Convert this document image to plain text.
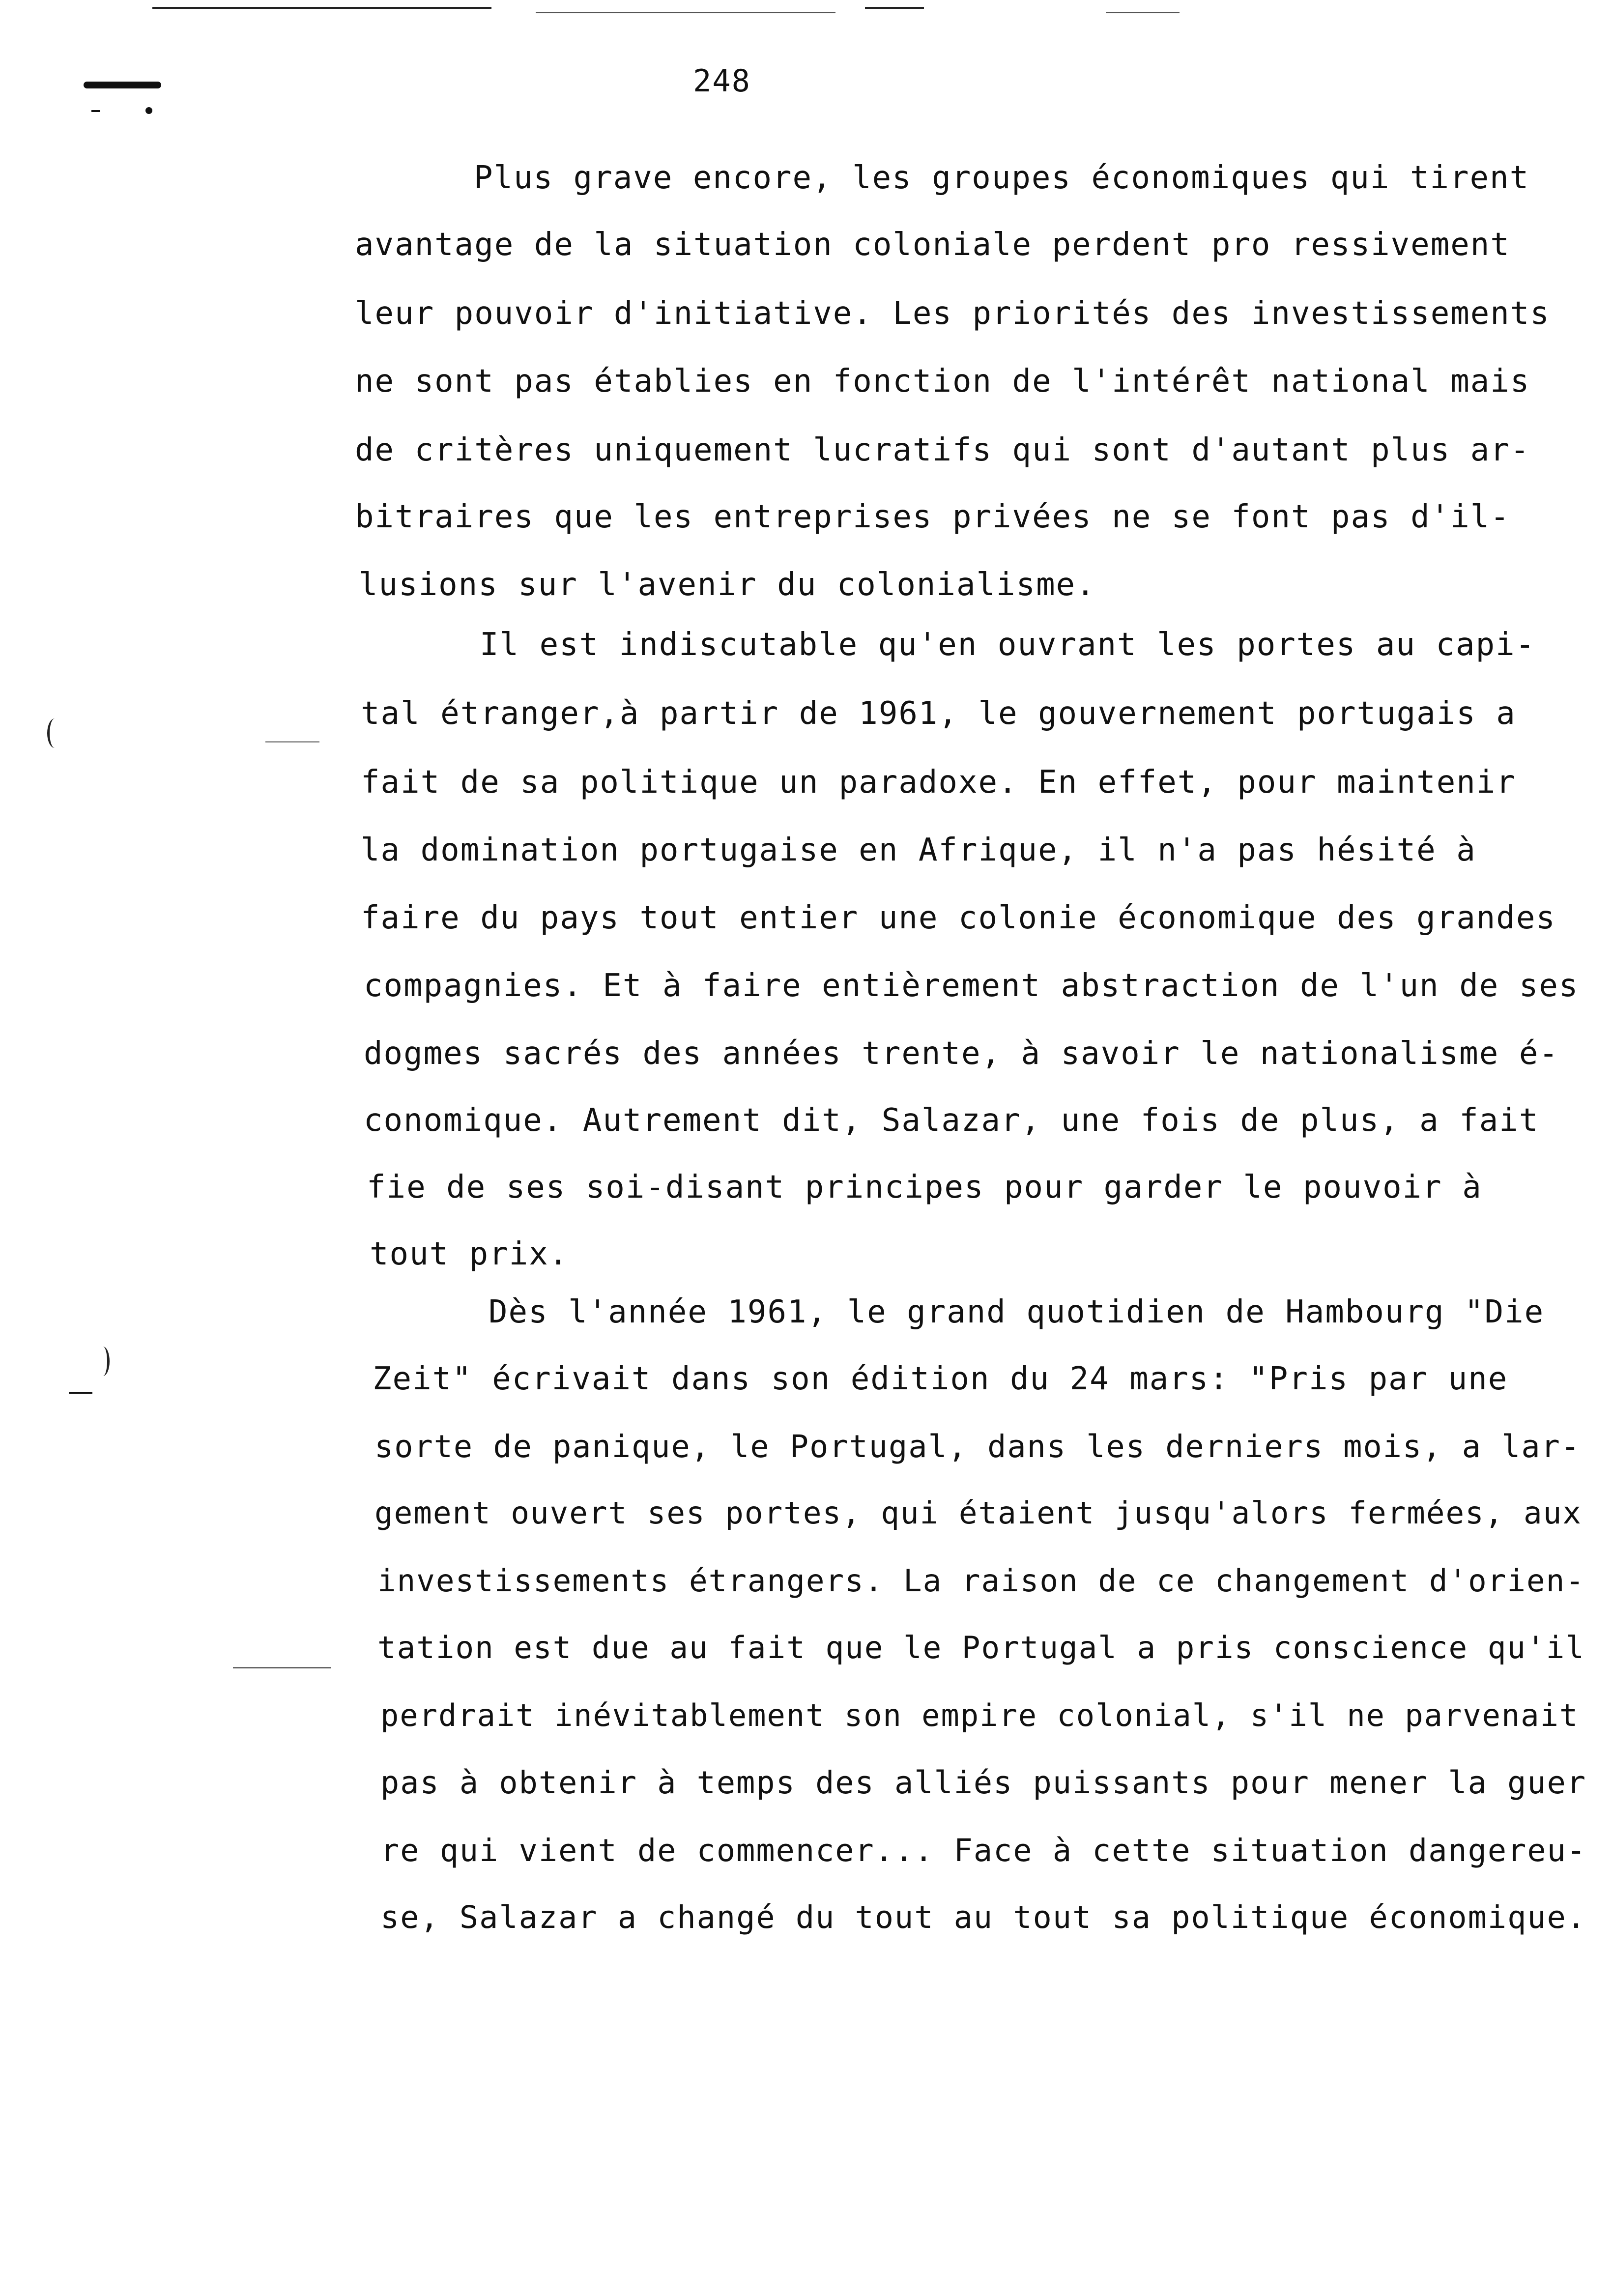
248
Plus grave encore, les groupes économiques qui tirent
avantage de la situation coloniale perdent pro ressivement
leur pouvoir d'initiative. Les priorités des investissements
ne sont pas établies en fonction de l'intérêt national mais
de critères uniquement lucratifs qui sont d'autant plus ar-
bitraires que les entreprises privées ne se font pas d'il-
lusions sur l'avenir du colonialisme.
Il est indiscutable qu'en ouvrant les portes au capi-
tal étranger,à partir de 1961, le gouvernement portugais a
fait de sa politique un paradoxe. En effet, pour maintenir
la domination portugaise en Afrique, il n'a pas hésité à
faire du pays tout entier une colonie économique des grandes
compagnies. Et à faire entièrement abstraction de l'un de ses
dogmes sacrés des années trente, à savoir le nationalisme é-
conomique. Autrement dit, Salazar, une fois de plus, a fait
fie de ses soi-disant principes pour garder le pouvoir à
tout prix.
Dès l'année 1961, le grand quotidien de Hambourg "Die
Zeit" écrivait dans son édition du 24 mars: "Pris par une
sorte de panique, le Portugal, dans les derniers mois, a lar-
gement ouvert ses portes, qui étaient jusqu'alors fermées, aux
investissements étrangers. La raison de ce changement d'orien-
tation est due au fait que le Portugal a pris conscience qu'il
perdrait inévitablement son empire colonial, s'il ne parvenait
pas à obtenir à temps des alliés puissants pour mener la guer
re qui vient de commencer... Face à cette situation dangereu-
se, Salazar a changé du tout au tout sa politique économique.
